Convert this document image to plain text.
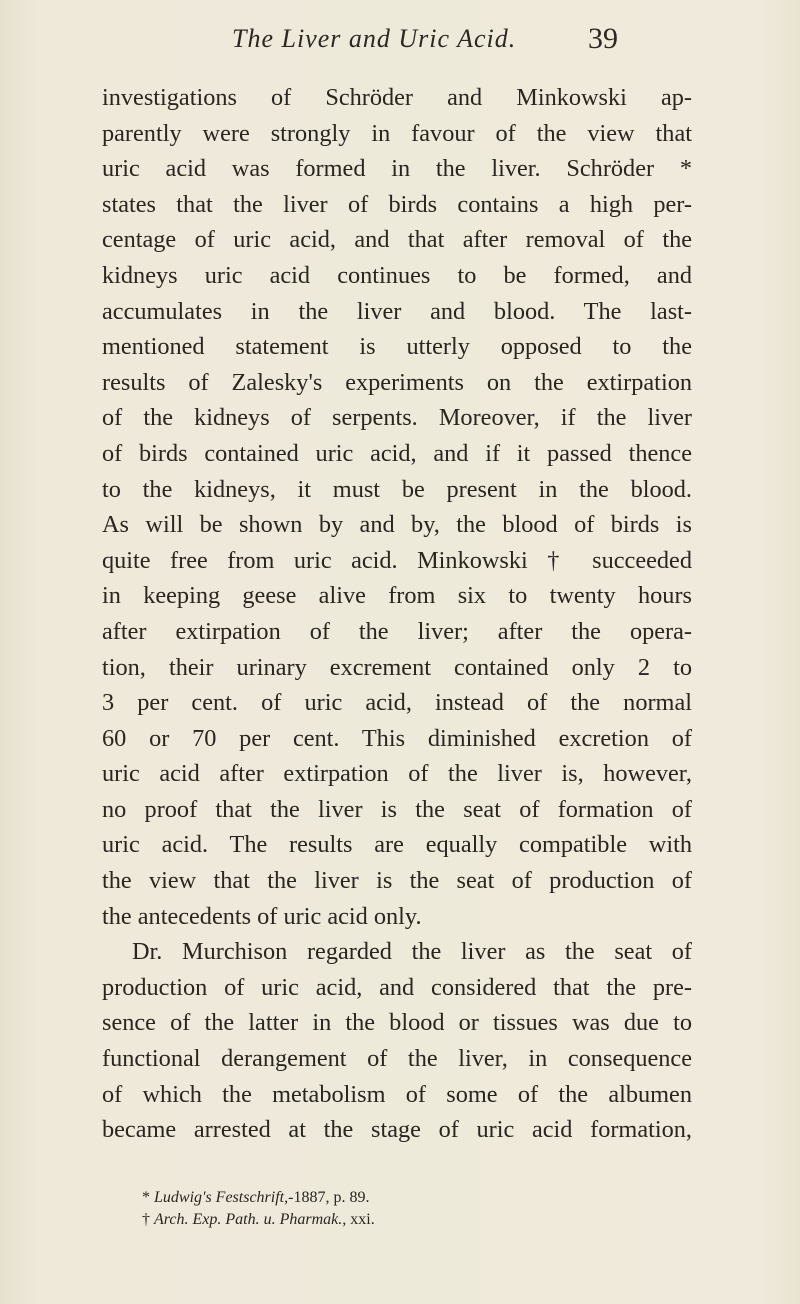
The Liver and Uric Acid.	39
investigations of Schröder and Minkowski ap-
parently were strongly in favour of the view that
uric acid was formed in the liver. Schröder *
states that the liver of birds contains a high per-
centage of uric acid, and that after removal of the
kidneys uric acid continues to be formed, and
accumulates in the liver and blood. The last-
mentioned statement is utterly opposed to the
results of Zalesky's experiments on the extirpation
of the kidneys of serpents. Moreover, if the liver
of birds contained uric acid, and if it passed thence
to the kidneys, it must be present in the blood.
As will be shown by and by, the blood of birds is
quite free from uric acid. Minkowski † succeeded
in keeping geese alive from six to twenty hours
after extirpation of the liver; after the opera-
tion, their urinary excrement contained only 2 to
3 per cent. of uric acid, instead of the normal
60 or 70 per cent. This diminished excretion of
uric acid after extirpation of the liver is, however,
no proof that the liver is the seat of formation of
uric acid. The results are equally compatible with
the view that the liver is the seat of production of
the antecedents of uric acid only.
Dr. Murchison regarded the liver as the seat of
production of uric acid, and considered that the pre-
sence of the latter in the blood or tissues was due to
functional derangement of the liver, in consequence
of which the metabolism of some of the albumen
became arrested at the stage of uric acid formation,
* Ludwig's Festschrift,-1887, p. 89.
† Arch. Exp. Path. u. Pharmak., xxi.
